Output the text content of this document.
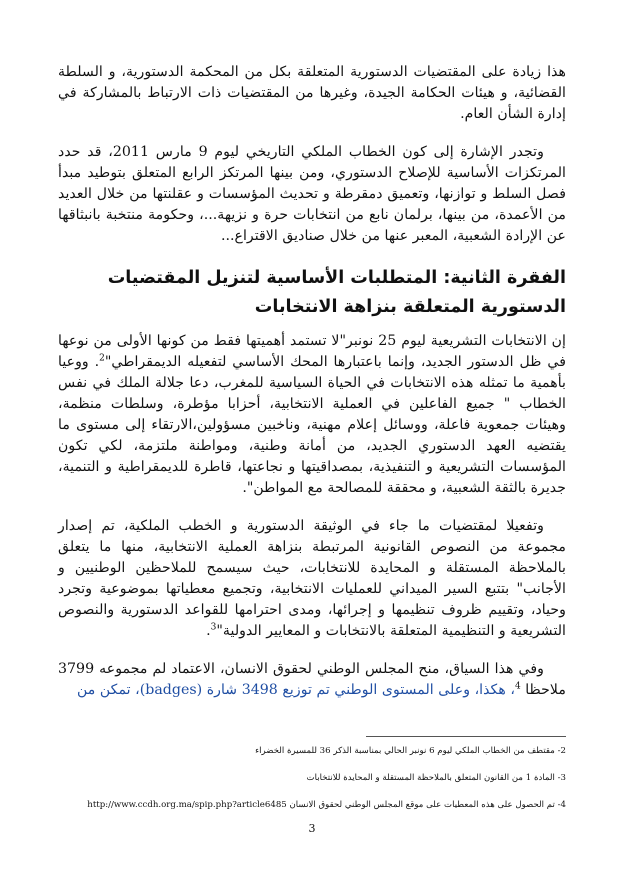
هذا زيادة على المقتضيات الدستورية المتعلقة بكل من المحكمة الدستورية، و السلطة القضائية، و هيئات الحكامة الجيدة، وغيرها من المقتضيات ذات الارتباط بالمشاركة في إدارة الشأن العام.

وتجدر الإشارة إلى كون الخطاب الملكي التاريخي ليوم 9 مارس 2011، قد حدد المرتكزات الأساسية للإصلاح الدستوري، ومن بينها المرتكز الرابع المتعلق بتوطيد مبدأ فصل السلط و توازنها، وتعميق دمقرطة و تحديث المؤسسات و عقلنتها من خلال العديد من الأعمدة، من بينها، برلمان نابع من انتخابات حرة و نزيهة...، وحكومة منتخبة بانبثاقها عن الإرادة الشعبية، المعبر عنها من خلال صناديق الاقتراع...

الفقرة الثانية: المتطلبات الأساسية لتنزيل المقتضيات الدستورية المتعلقة بنزاهة الانتخابات

إن الانتخابات التشريعية ليوم 25 نونبر"لا تستمد أهميتها فقط من كونها الأولى من نوعها في ظل الدستور الجديد، وإنما باعتبارها المحك الأساسي لتفعيله الديمقراطي"$^2$. ووعيا بأهمية ما تمثله هذه الانتخابات في الحياة السياسية للمغرب، دعا جلالة الملك في نفس الخطاب " جميع الفاعلين في العملية الانتخابية، أحزابا مؤطرة، وسلطات منظمة، وهيئات جمعوية فاعلة، ووسائل إعلام مهنية، وناخبين مسؤولين،الارتقاء إلى مستوى ما يقتضيه العهد الدستوري الجديد، من أمانة وطنية، ومواطنة ملتزمة، لكي تكون المؤسسات التشريعية و التنفيذية، بمصداقيتها و نجاعتها، قاطرة للديمقراطية و التنمية، جديرة بالثقة الشعبية، و محققة للمصالحة مع المواطن".

وتفعيلا لمقتضيات ما جاء في الوثيقة الدستورية و الخطب الملكية، تم إصدار مجموعة من النصوص القانونية المرتبطة بنزاهة العملية الانتخابية، منها ما يتعلق بالملاحظة المستقلة و المحايدة للانتخابات، حيث سيسمح للملاحظين الوطنيين و الأجانب" بتتبع السير الميداني للعمليات الانتخابية، وتجميع معطياتها بموضوعية وتجرد وحياد، وتقييم ظروف تنظيمها و إجرائها، ومدى احترامها للقواعد الدستورية والنصوص التشريعية و التنظيمية المتعلقة بالانتخابات و المعايير الدولية"$^3$.

وفي هذا السياق، منح المجلس الوطني لحقوق الانسان، الاعتماد لم مجموعه 3799 ملاحظا $^4$، هكذا، وعلى المستوى الوطني تم توزيع 3498 شارة (badges)، تمكن من

2- مقتطف من الخطاب الملكي ليوم 6 نونبر الحالي بمناسبة الذكر 36 للمسيرة الخضراء

3- المادة 1 من القانون المتعلق بالملاحظة المستقلة و المحايدة للانتخابات

4- تم الحصول على هذه المعطيات على موقع المجلس الوطني لحقوق الانسان http://www.ccdh.org.ma/spip.php?article6485

3
